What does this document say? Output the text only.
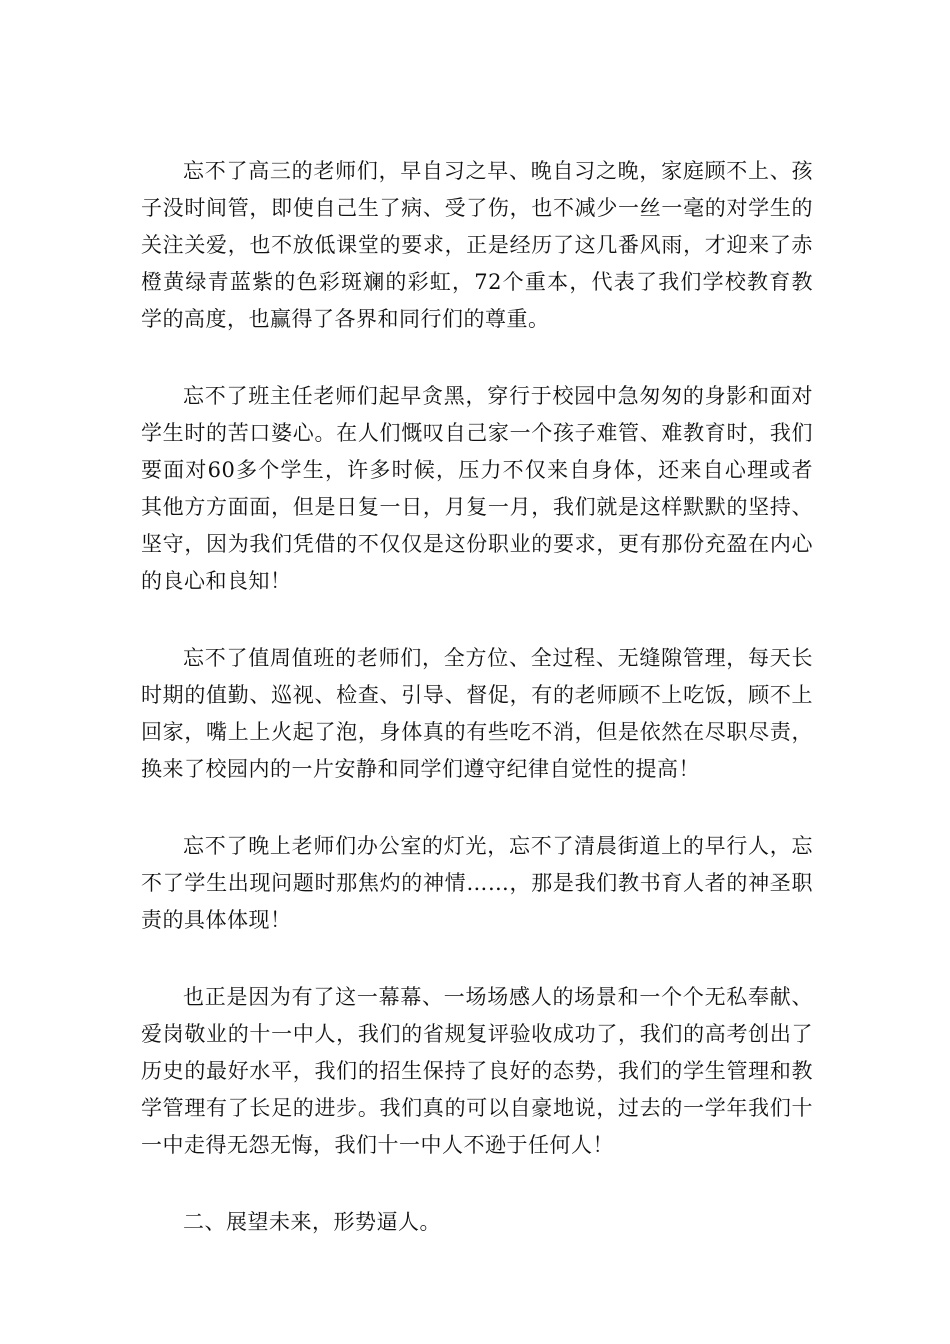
忘不了高三的老师们，早自习之早、晚自习之晚，家庭顾不上、孩子没时间管，即使自己生了病、受了伤，也不减少一丝一毫的对学生的关注关爱，也不放低课堂的要求，正是经历了这几番风雨，才迎来了赤橙黄绿青蓝紫的色彩斑斓的彩虹，72个重本，代表了我们学校教育教学的高度，也赢得了各界和同行们的尊重。

忘不了班主任老师们起早贪黑，穿行于校园中急匆匆的身影和面对学生时的苦口婆心。在人们慨叹自己家一个孩子难管、难教育时，我们要面对60多个学生，许多时候，压力不仅来自身体，还来自心理或者其他方方面面，但是日复一日，月复一月，我们就是这样默默的坚持、坚守，因为我们凭借的不仅仅是这份职业的要求，更有那份充盈在内心的良心和良知！

忘不了值周值班的老师们，全方位、全过程、无缝隙管理，每天长时期的值勤、巡视、检查、引导、督促，有的老师顾不上吃饭，顾不上回家，嘴上上火起了泡，身体真的有些吃不消，但是依然在尽职尽责，换来了校园内的一片安静和同学们遵守纪律自觉性的提高！

忘不了晚上老师们办公室的灯光，忘不了清晨街道上的早行人，忘不了学生出现问题时那焦灼的神情……，那是我们教书育人者的神圣职责的具体体现！

也正是因为有了这一幕幕、一场场感人的场景和一个个无私奉献、爱岗敬业的十一中人，我们的省规复评验收成功了，我们的高考创出了历史的最好水平，我们的招生保持了良好的态势，我们的学生管理和教学管理有了长足的进步。我们真的可以自豪地说，过去的一学年我们十一中走得无怨无悔，我们十一中人不逊于任何人！

二、展望未来，形势逼人。
